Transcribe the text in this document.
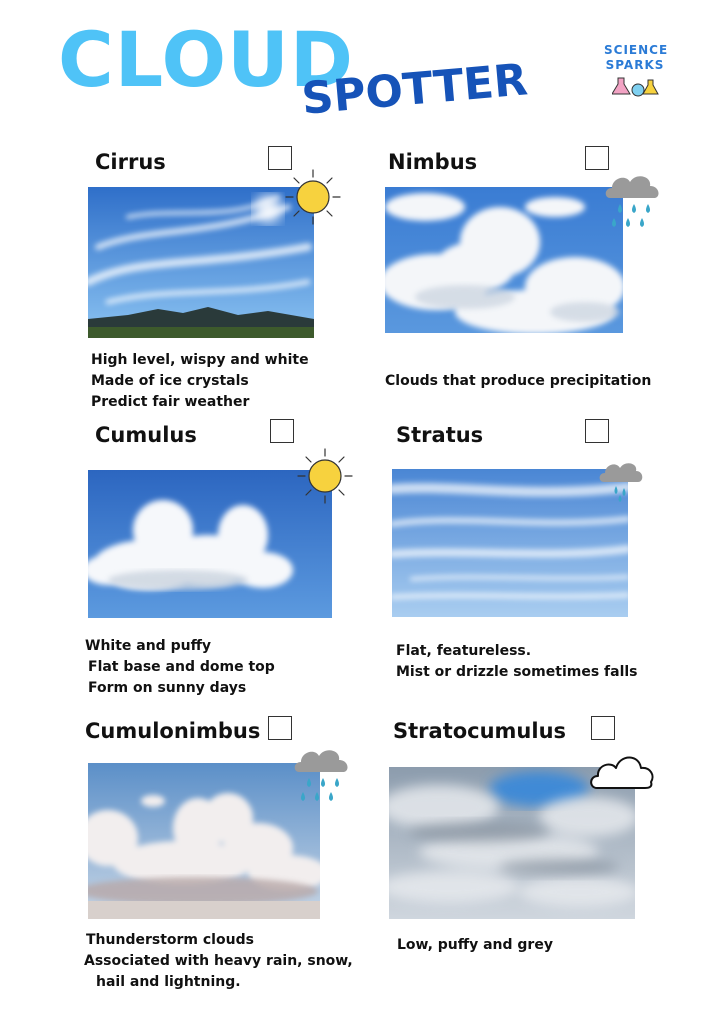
CLOUD
SPOTTER
SCIENCE
SPARKS
Cirrus
High level, wispy and white
Made of ice crystals
Predict fair weather
Nimbus
Clouds that produce precipitation
Cumulus
White and puffy
Flat base and dome top
Form on sunny days
Stratus
Flat, featureless.
Mist or drizzle sometimes falls
Cumulonimbus
Thunderstorm clouds
Associated with heavy rain, snow,
hail and lightning.
Stratocumulus
Low, puffy and grey
